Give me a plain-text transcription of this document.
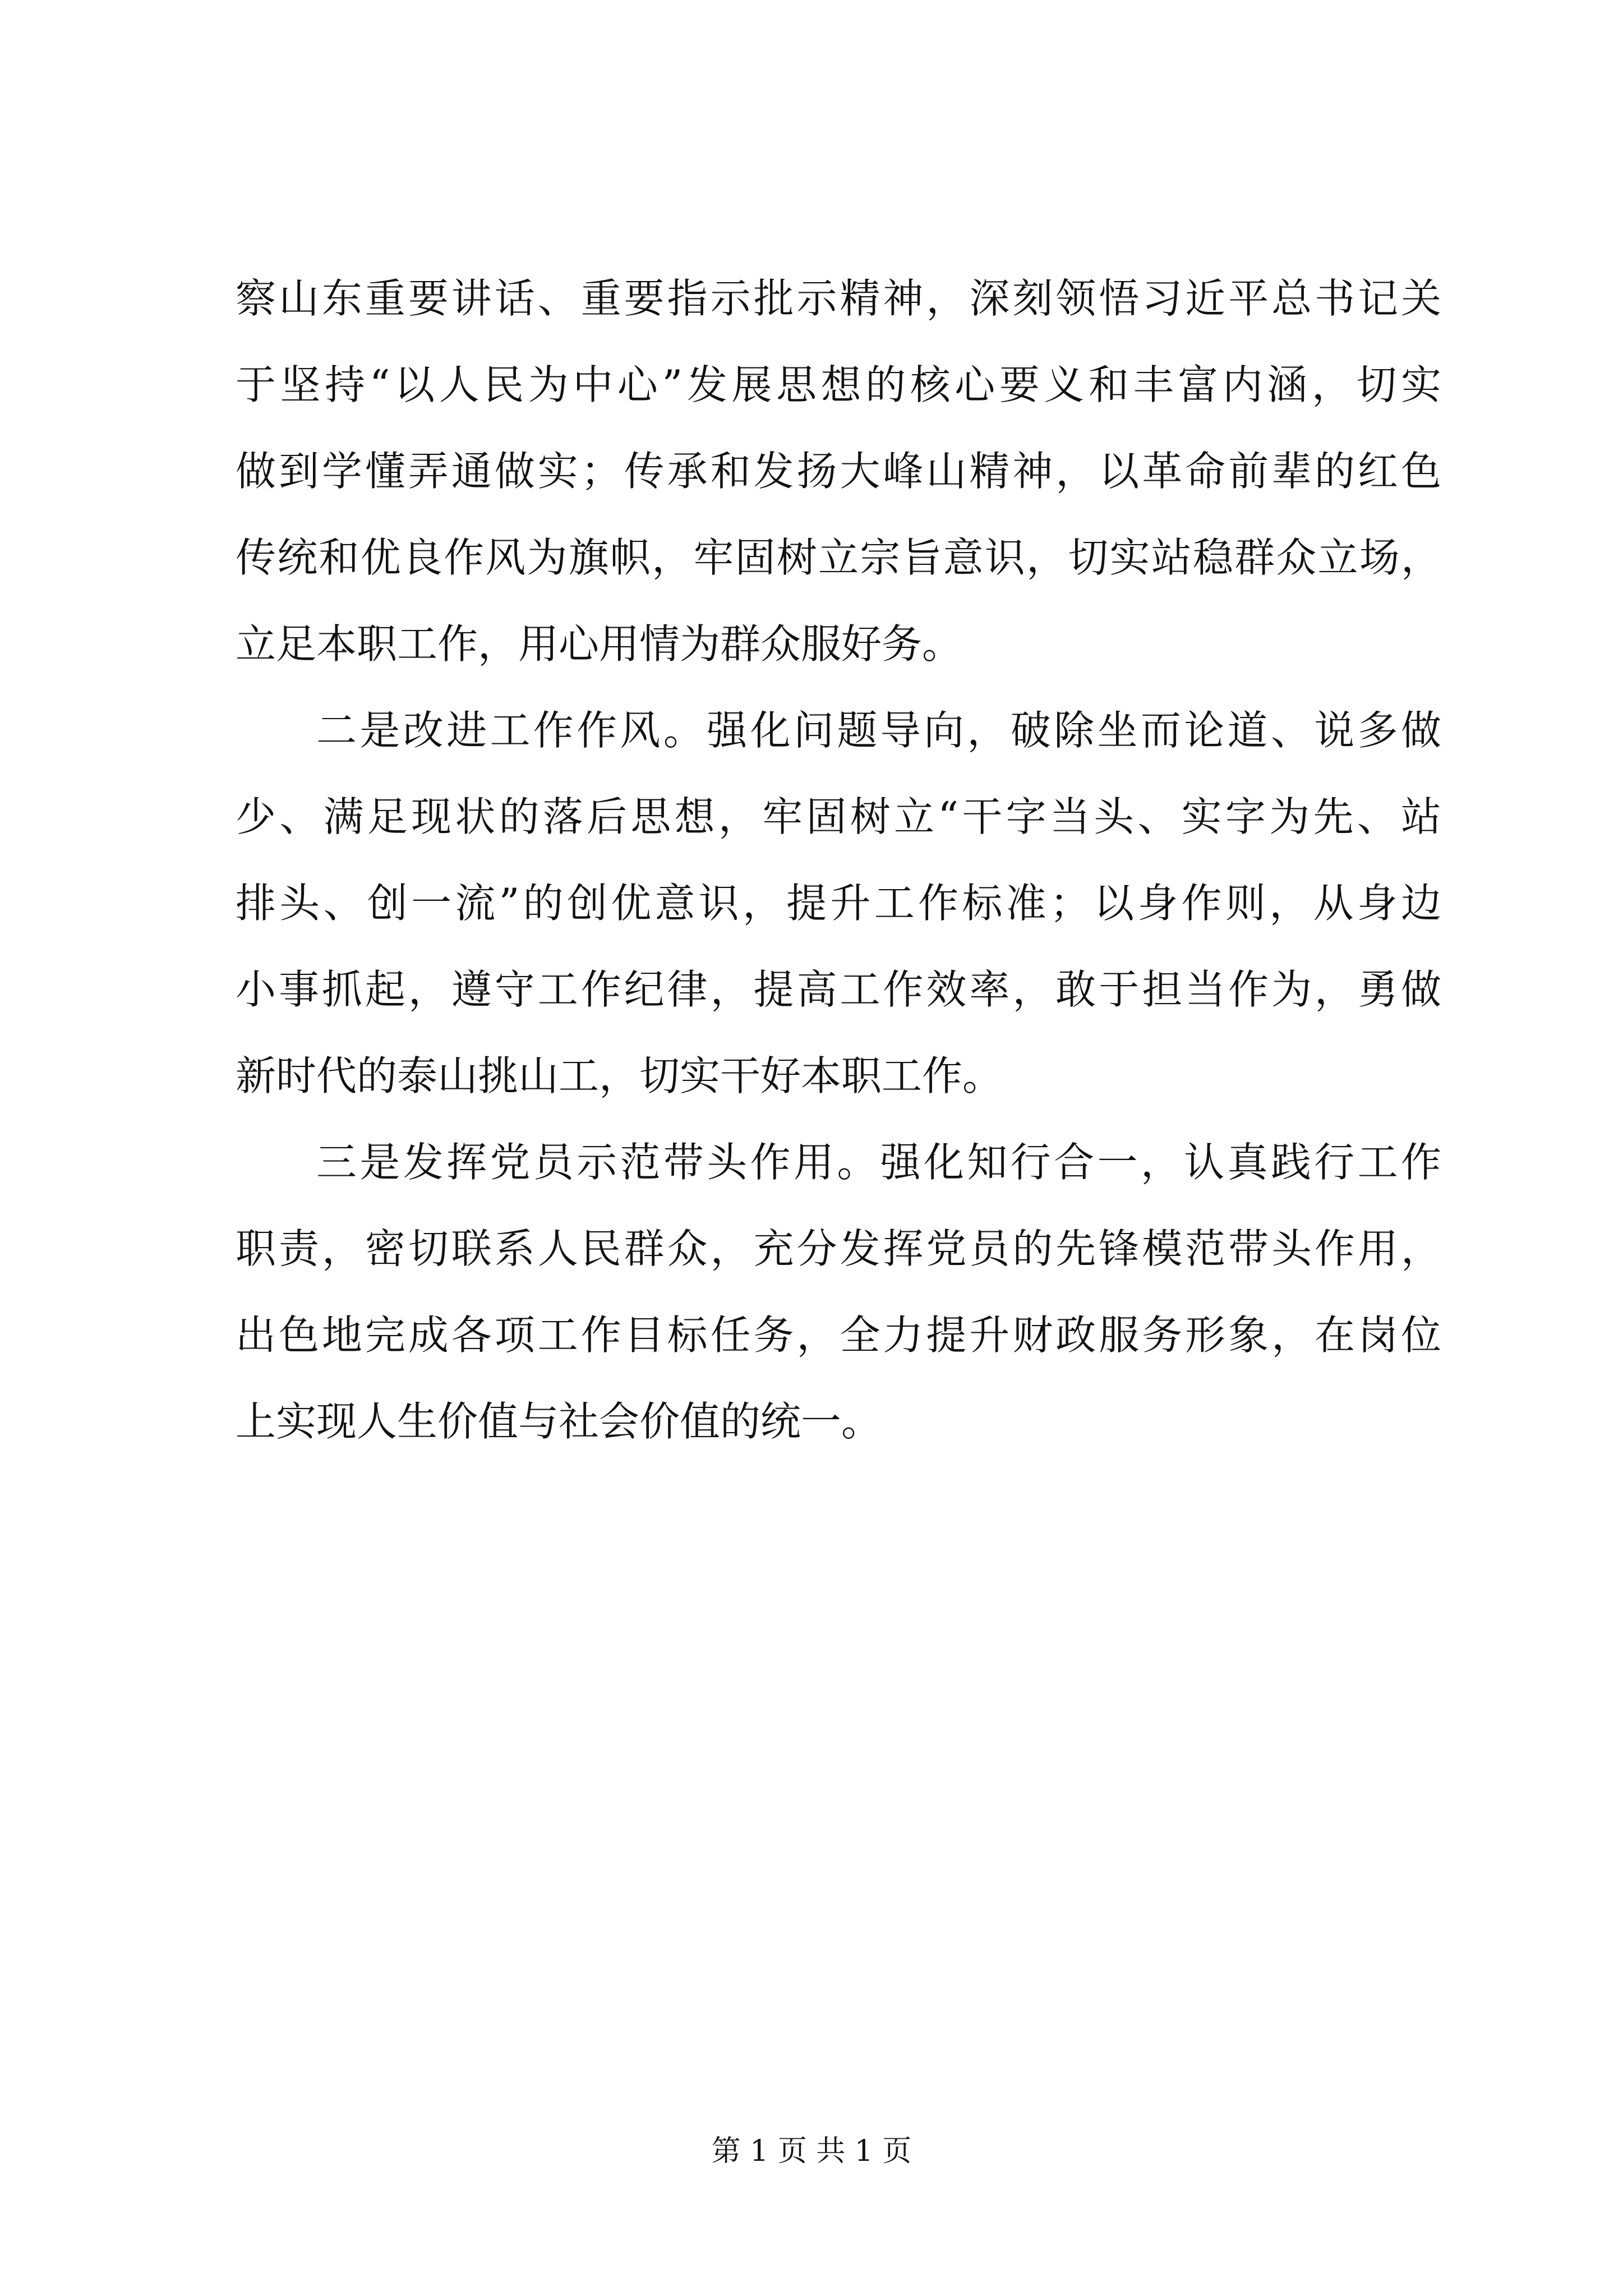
察山东重要讲话、重要指示批示精神，深刻领悟习近平总书记关
于坚持“以人民为中心”发展思想的核心要义和丰富内涵，切实
做到学懂弄通做实；传承和发扬大峰山精神，以革命前辈的红色
传统和优良作风为旗帜，牢固树立宗旨意识，切实站稳群众立场，
立足本职工作，用心用情为群众服好务。
二是改进工作作风。强化问题导向，破除坐而论道、说多做
少、满足现状的落后思想，牢固树立“干字当头、实字为先、站
排头、创一流”的创优意识，提升工作标准；以身作则，从身边
小事抓起，遵守工作纪律，提高工作效率，敢于担当作为，勇做
新时代的泰山挑山工，切实干好本职工作。
三是发挥党员示范带头作用。强化知行合一，认真践行工作
职责，密切联系人民群众，充分发挥党员的先锋模范带头作用，
出色地完成各项工作目标任务，全力提升财政服务形象，在岗位
上实现人生价值与社会价值的统一。
第 1 页 共 1 页
